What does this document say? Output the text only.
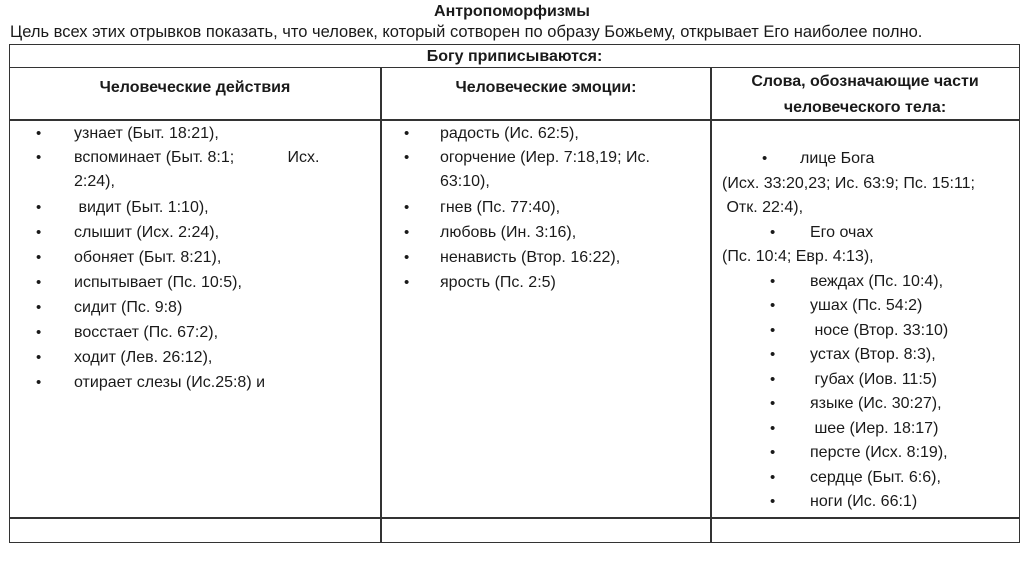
Антропоморфизмы
Цель всех этих отрывков показать, что человек, который сотворен по образу Божьему, открывает Его наиболее полно.
Богу приписываются:
Человеческие действия	Человеческие эмоции:	Слова, обозначающие части человеческого тела:
• узнает (Быт. 18:21),
• вспоминает (Быт. 8:1;            Исх. 2:24),
• видит (Быт. 1:10),
• слышит (Исх. 2:24),
• обоняет (Быт. 8:21),
• испытывает (Пс. 10:5),
• сидит (Пс. 9:8)
• восстает (Пс. 67:2),
• ходит (Лев. 26:12),
• отирает слезы (Ис.25:8) и
• радость (Ис. 62:5),
• огорчение (Иер. 7:18,19; Ис. 63:10),
• гнев (Пс. 77:40),
• любовь (Ин. 3:16),
• ненависть (Втор. 16:22),
• ярость (Пс. 2:5)
• лице Бога
(Исх. 33:20,23; Ис. 63:9; Пс. 15:11;
Отк. 22:4),
• Его очах
(Пс. 10:4; Евр. 4:13),
• веждах (Пс. 10:4),
• ушах (Пс. 54:2)
• носе (Втор. 33:10)
• устах (Втор. 8:3),
• губах (Иов. 11:5)
• языке (Ис. 30:27),
• шее (Иер. 18:17)
• персте (Исх. 8:19),
• сердце (Быт. 6:6),
• ноги (Ис. 66:1)
